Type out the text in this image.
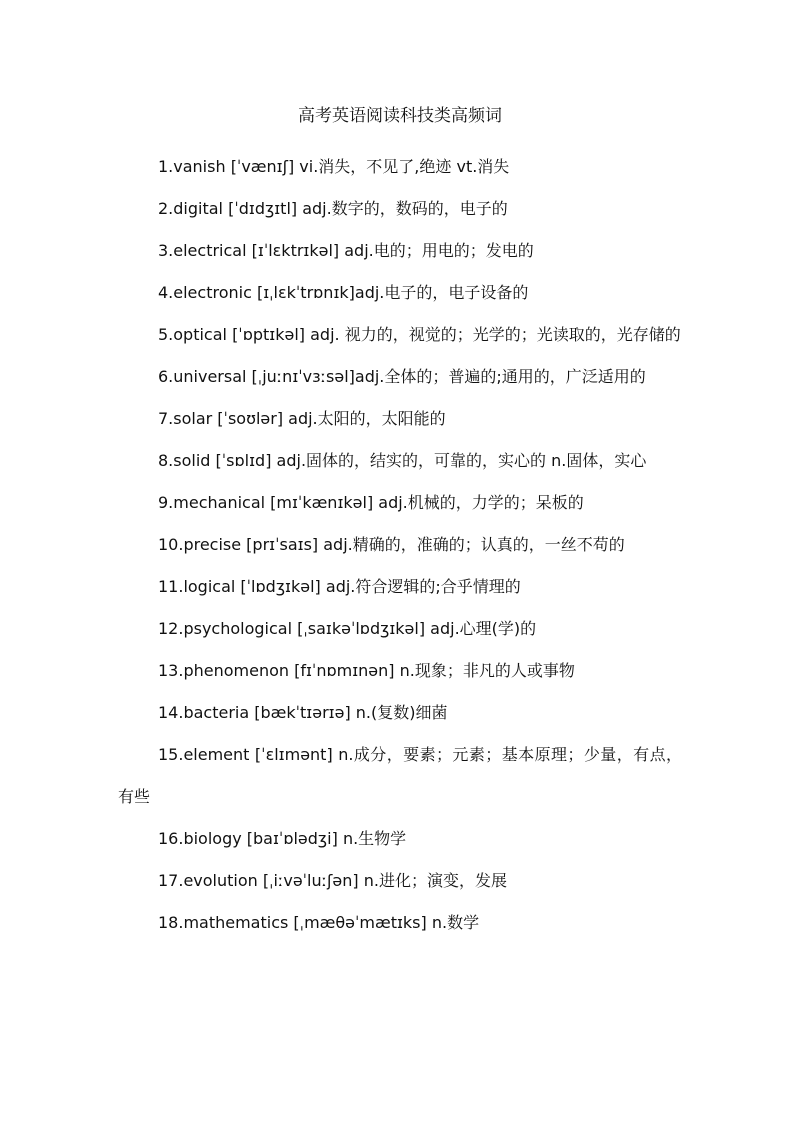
高考英语阅读科技类高频词

1.vanish [ˈvænɪʃ] vi.消失，不见了,绝迹 vt.消失

2.digital [ˈdɪdʒɪtl] adj.数字的，数码的，电子的

3.electrical [ɪˈlɛktrɪkəl] adj.电的；用电的；发电的

4.electronic [ɪˌlɛkˈtrɒnɪk]adj.电子的，电子设备的

5.optical [ˈɒptɪkəl] adj. 视力的，视觉的；光学的；光读取的，光存储的

6.universal [ˌjuːnɪˈvɜːsəl]adj.全体的；普遍的;通用的，广泛适用的

7.solar [ˈsoʊlər] adj.太阳的，太阳能的

8.solid [ˈsɒlɪd] adj.固体的，结实的，可靠的，实心的 n.固体，实心

9.mechanical [mɪˈkænɪkəl] adj.机械的，力学的；呆板的

10.precise [prɪˈsaɪs] adj.精确的，准确的；认真的，一丝不苟的

11.logical [ˈlɒdʒɪkəl] adj.符合逻辑的;合乎情理的

12.psychological [ˌsaɪkəˈlɒdʒɪkəl] adj.心理(学)的

13.phenomenon [fɪˈnɒmɪnən] n.现象；非凡的人或事物

14.bacteria [bækˈtɪərɪə] n.(复数)细菌

15.element [ˈɛlɪmənt] n.成分，要素；元素；基本原理；少量，有点，有些

16.biology [baɪˈɒlədʒi] n.生物学

17.evolution [ˌiːvəˈluːʃən] n.进化；演变，发展

18.mathematics [ˌmæθəˈmætɪks] n.数学
